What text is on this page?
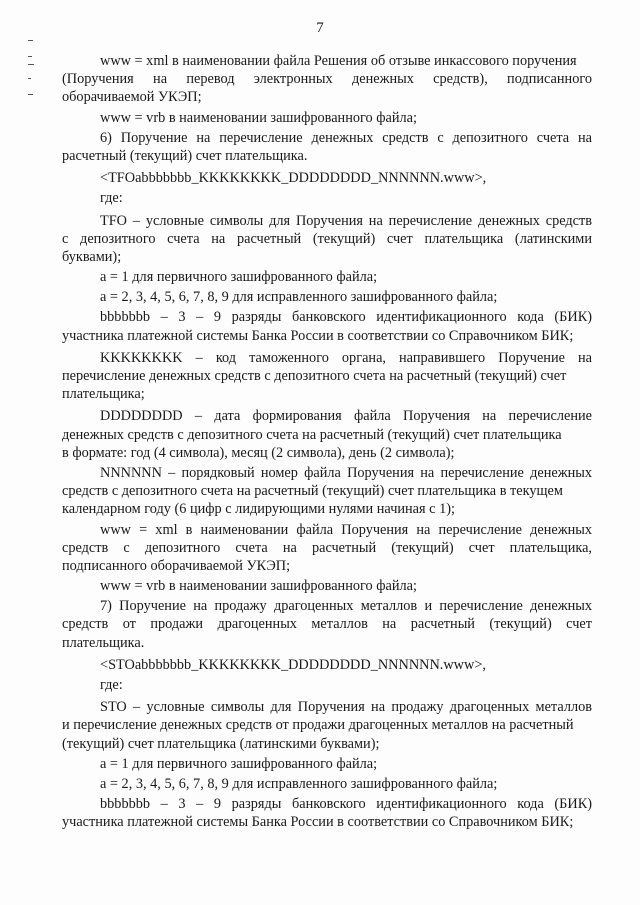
7
www = xml в наименовании файла Решения об отзыве инкассового поручения
(Поручения на перевод электронных денежных средств), подписанного
оборачиваемой УКЭП;
www = vrb в наименовании зашифрованного файла;
6) Поручение на перечисление денежных средств с депозитного счета на
расчетный (текущий) счет плательщика.
<TFOabbbbbbb_KKKKKKKK_DDDDDDDD_NNNNNN.www>,
где:
TFO – условные символы для Поручения на перечисление денежных средств
с депозитного счета на расчетный (текущий) счет плательщика (латинскими
буквами);
a = 1 для первичного зашифрованного файла;
a = 2, 3, 4, 5, 6, 7, 8, 9 для исправленного зашифрованного файла;
bbbbbbb – 3 – 9 разряды банковского идентификационного кода (БИК)
участника платежной системы Банка России в соответствии со Справочником БИК;
KKKKKKKK – код таможенного органа, направившего Поручение на
перечисление денежных средств с депозитного счета на расчетный (текущий) счет
плательщика;
DDDDDDDD – дата формирования файла Поручения на перечисление
денежных средств с депозитного счета на расчетный (текущий) счет плательщика
в формате: год (4 символа), месяц (2 символа), день (2 символа);
NNNNNN – порядковый номер файла Поручения на перечисление денежных
средств с депозитного счета на расчетный (текущий) счет плательщика в текущем
календарном году (6 цифр с лидирующими нулями начиная с 1);
www = xml в наименовании файла Поручения на перечисление денежных
средств с депозитного счета на расчетный (текущий) счет плательщика,
подписанного оборачиваемой УКЭП;
www = vrb в наименовании зашифрованного файла;
7) Поручение на продажу драгоценных металлов и перечисление денежных
средств от продажи драгоценных металлов на расчетный (текущий) счет
плательщика.
<STOabbbbbbb_KKKKKKKK_DDDDDDDD_NNNNNN.www>,
где:
STO – условные символы для Поручения на продажу драгоценных металлов
и перечисление денежных средств от продажи драгоценных металлов на расчетный
(текущий) счет плательщика (латинскими буквами);
a = 1 для первичного зашифрованного файла;
a = 2, 3, 4, 5, 6, 7, 8, 9 для исправленного зашифрованного файла;
bbbbbbb – 3 – 9 разряды банковского идентификационного кода (БИК)
участника платежной системы Банка России в соответствии со Справочником БИК;
